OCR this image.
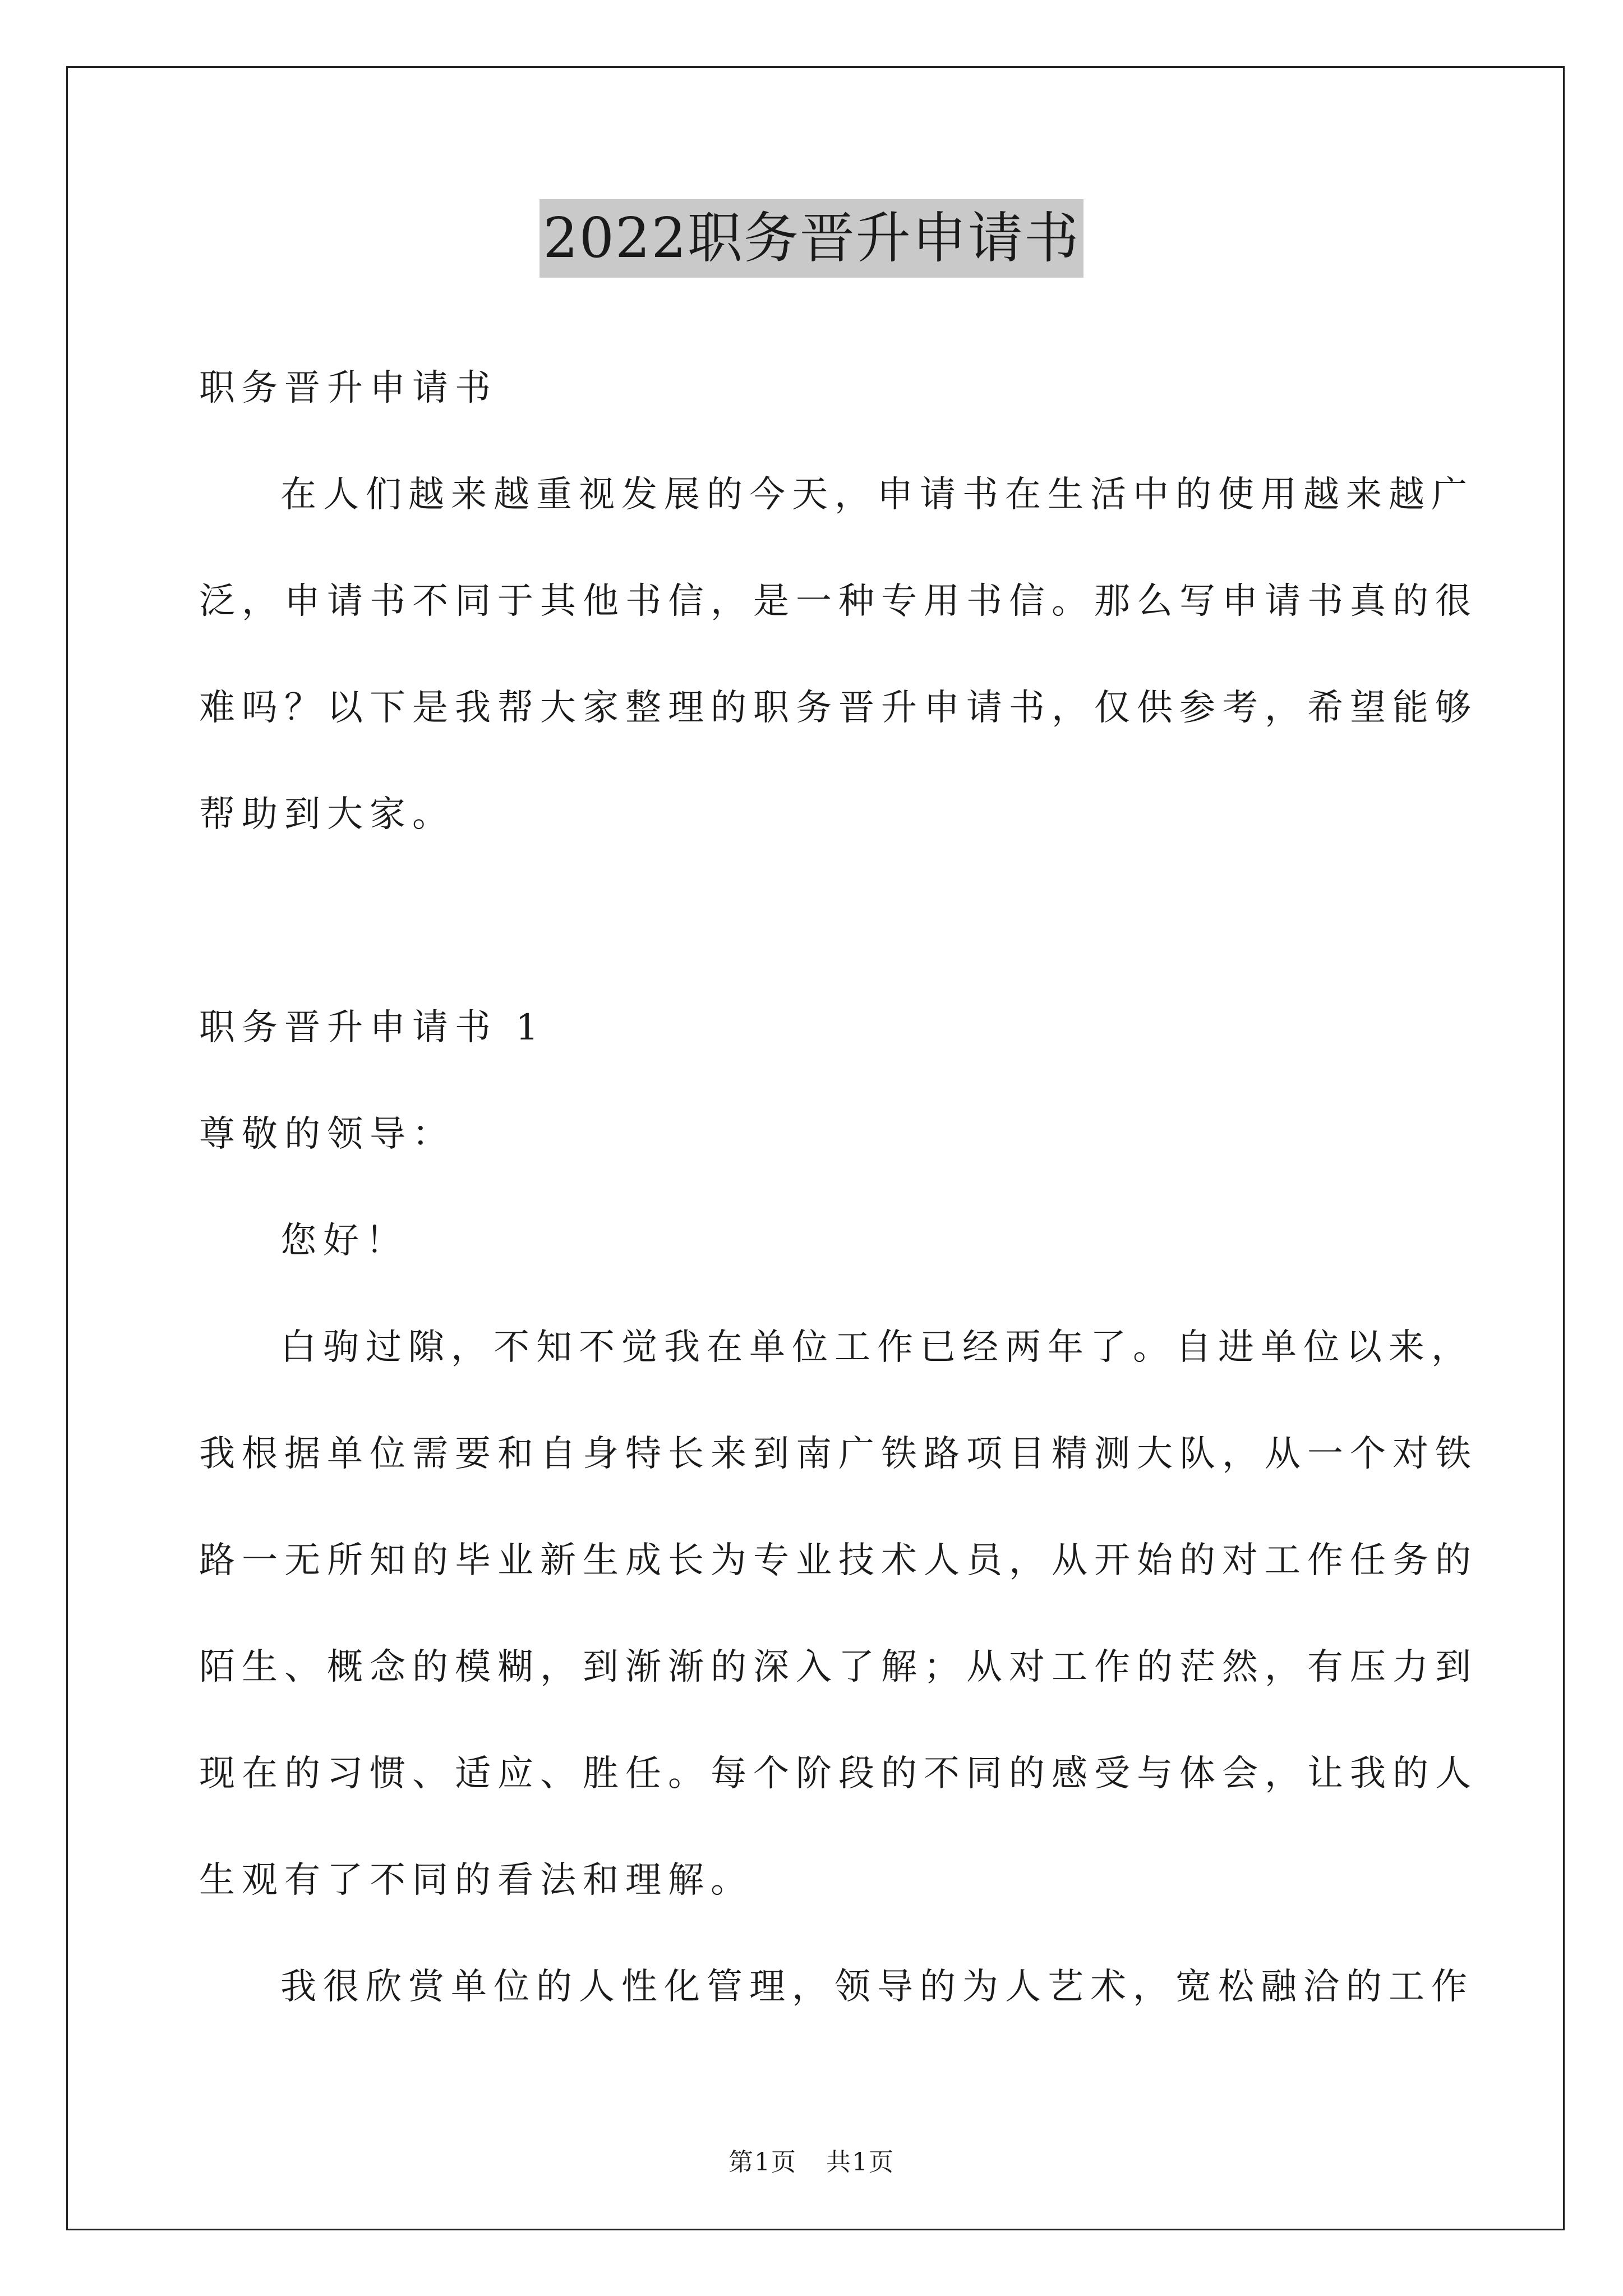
2022职务晋升申请书
职务晋升申请书
在人们越来越重视发展的今天，申请书在生活中的使用越来越广
泛，申请书不同于其他书信，是一种专用书信。那么写申请书真的很
难吗？以下是我帮大家整理的职务晋升申请书，仅供参考，希望能够
帮助到大家。
职务晋升申请书 1
尊敬的领导：
您好！
白驹过隙，不知不觉我在单位工作已经两年了。自进单位以来，
我根据单位需要和自身特长来到南广铁路项目精测大队，从一个对铁
路一无所知的毕业新生成长为专业技术人员，从开始的对工作任务的
陌生、概念的模糊，到渐渐的深入了解；从对工作的茫然，有压力到
现在的习惯、适应、胜任。每个阶段的不同的感受与体会，让我的人
生观有了不同的看法和理解。
我很欣赏单位的人性化管理，领导的为人艺术，宽松融洽的工作
第1页 共1页
